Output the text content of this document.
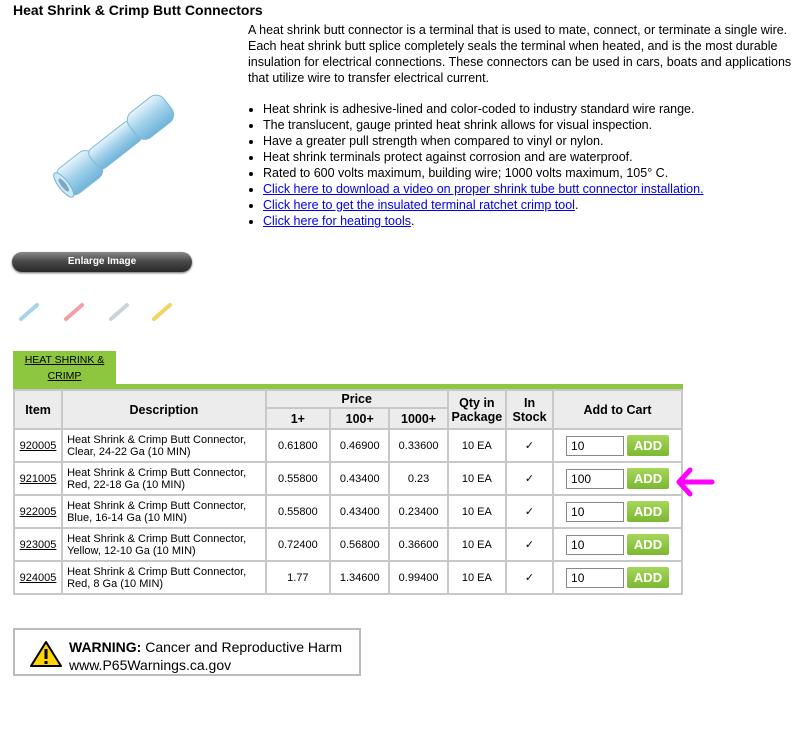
Heat Shrink & Crimp Butt Connectors

A heat shrink butt connector is a terminal that is used to mate, connect, or terminate a single wire. Each heat shrink butt splice completely seals the terminal when heated, and is the most durable insulation for electrical connections. These connectors can be used in cars, boats and applications that utilize wire to transfer electrical current.

• Heat shrink is adhesive-lined and color-coded to industry standard wire range.
• The translucent, gauge printed heat shrink allows for visual inspection.
• Have a greater pull strength when compared to vinyl or nylon.
• Heat shrink terminals protect against corrosion and are waterproof.
• Rated to 600 volts maximum, building wire; 1000 volts maximum, 105° C.
• Click here to download a video on proper shrink tube butt connector installation.
• Click here to get the insulated terminal ratchet crimp tool.
• Click here for heating tools.
Enlarge Image
HEAT SHRINK &
CRIMP
Item	Description	Price			Qty in
Package	In
Stock	Add to Cart
		1+	100+	1000+			
920005	Heat Shrink & Crimp Butt Connector,
Clear, 24-22 Ga (10 MIN)	0.61800	0.46900	0.33600	10 EA	✓	10ADD
921005	Heat Shrink & Crimp Butt Connector,
Red, 22-18 Ga (10 MIN)	0.55800	0.43400	0.23	10 EA	✓	100ADD
922005	Heat Shrink & Crimp Butt Connector,
Blue, 16-14 Ga (10 MIN)	0.55800	0.43400	0.23400	10 EA	✓	10ADD
923005	Heat Shrink & Crimp Butt Connector,
Yellow, 12-10 Ga (10 MIN)	0.72400	0.56800	0.36600	10 EA	✓	10ADD
924005	Heat Shrink & Crimp Butt Connector,
Red, 8 Ga (10 MIN)	1.77	1.34600	0.99400	10 EA	✓	10ADD
WARNING: Cancer and Reproductive Harm
www.P65Warnings.ca.gov
